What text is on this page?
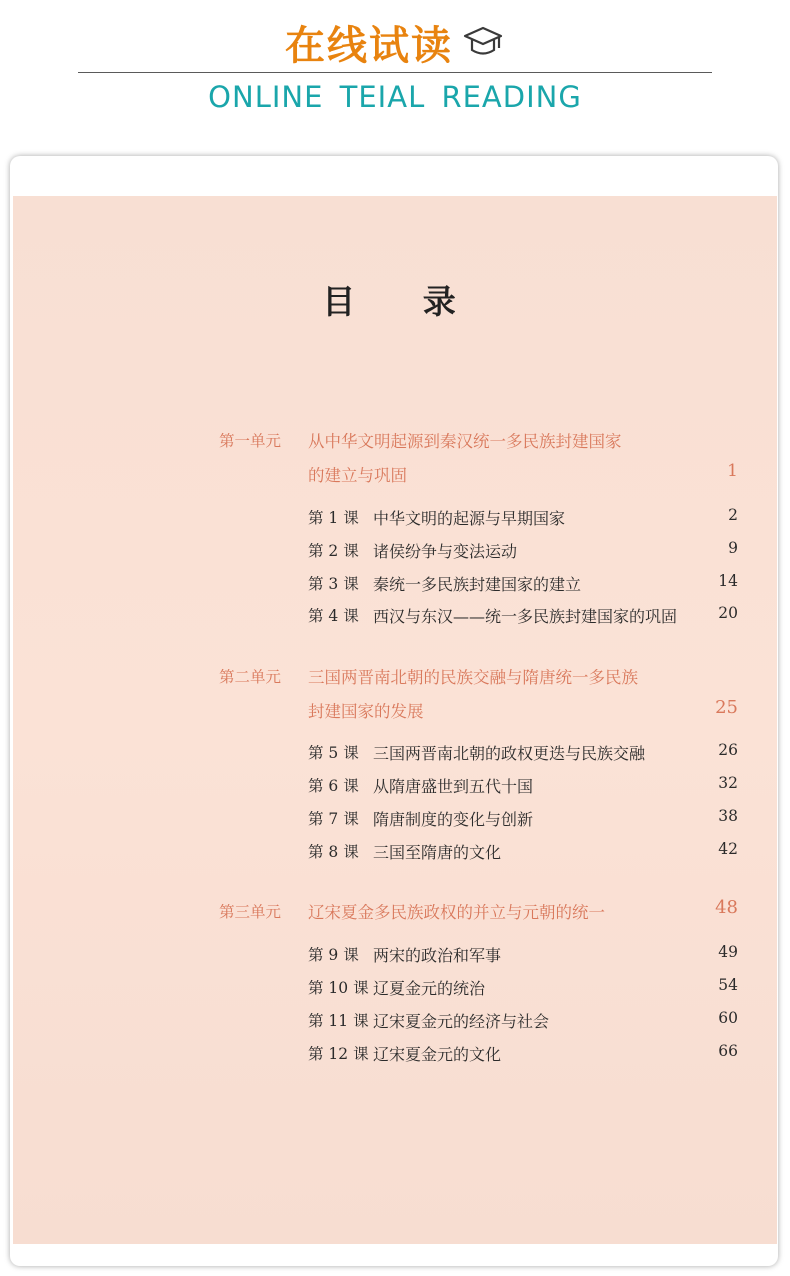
在线试读
ONLINE TEIAL READING
目 录
第一单元 从中华文明起源到秦汉统一多民族封建国家
的建立与巩固	1
第 1 课 中华文明的起源与早期国家	2
第 2 课 诸侯纷争与变法运动	9
第 3 课 秦统一多民族封建国家的建立	14
第 4 课 西汉与东汉——统一多民族封建国家的巩固	20
第二单元 三国两晋南北朝的民族交融与隋唐统一多民族
封建国家的发展	25
第 5 课 三国两晋南北朝的政权更迭与民族交融	26
第 6 课 从隋唐盛世到五代十国	32
第 7 课 隋唐制度的变化与创新	38
第 8 课 三国至隋唐的文化	42
第三单元 辽宋夏金多民族政权的并立与元朝的统一	48
第 9 课 两宋的政治和军事	49
第 10 课 辽夏金元的统治	54
第 11 课 辽宋夏金元的经济与社会	60
第 12 课 辽宋夏金元的文化	66
